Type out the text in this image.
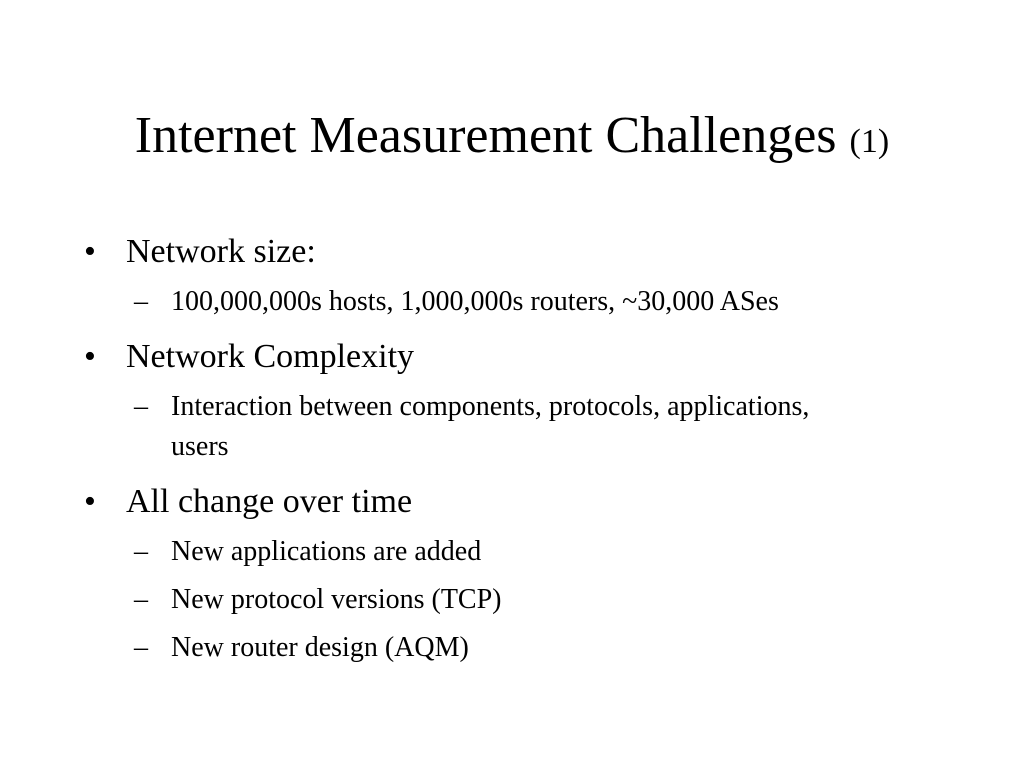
Internet Measurement Challenges (1)
• Network size:
– 100,000,000s hosts, 1,000,000s routers, ~30,000 ASes
• Network Complexity
– Interaction between components, protocols, applications, users
• All change over time
– New applications are added
– New protocol versions (TCP)
– New router design (AQM)
